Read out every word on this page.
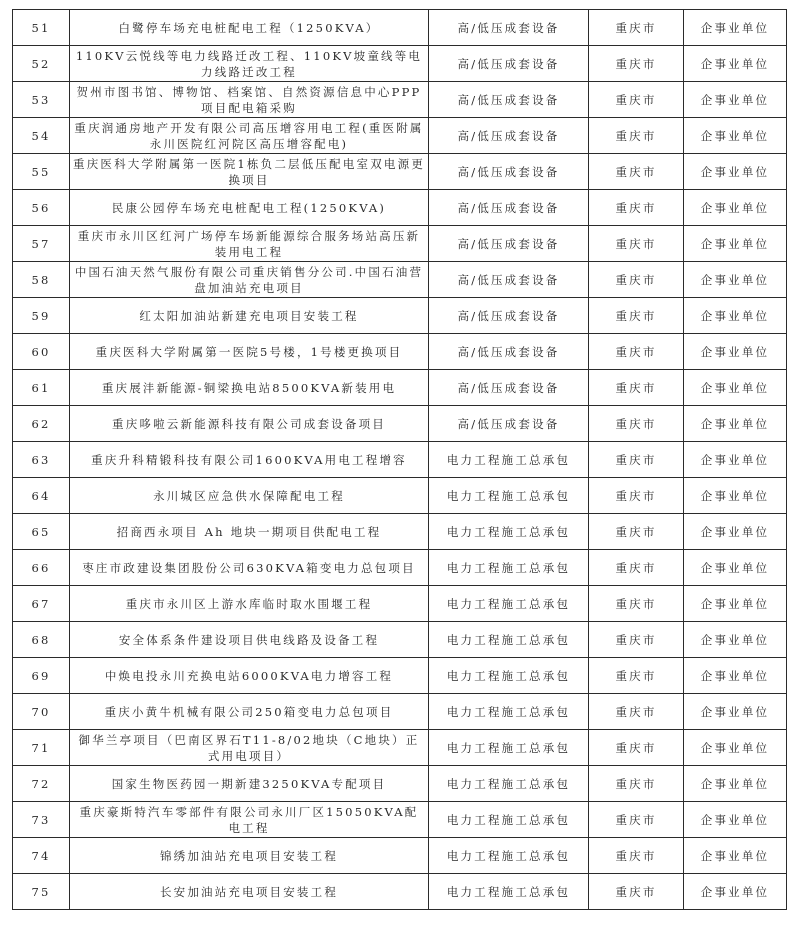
51	白鹭停车场充电桩配电工程（1250KVA）	高/低压成套设备	重庆市	企事业单位
52	110KV云悦线等电力线路迁改工程、110KV坡童线等电力线路迁改工程	高/低压成套设备	重庆市	企事业单位
53	贺州市图书馆、博物馆、档案馆、自然资源信息中心PPP项目配电箱采购	高/低压成套设备	重庆市	企事业单位
54	重庆润通房地产开发有限公司高压增容用电工程(重医附属永川医院红河院区高压增容配电)	高/低压成套设备	重庆市	企事业单位
55	重庆医科大学附属第一医院1栋负二层低压配电室双电源更换项目	高/低压成套设备	重庆市	企事业单位
56	民康公园停车场充电桩配电工程(1250KVA)	高/低压成套设备	重庆市	企事业单位
57	重庆市永川区红河广场停车场新能源综合服务场站高压新装用电工程	高/低压成套设备	重庆市	企事业单位
58	中国石油天然气服份有限公司重庆销售分公司.中国石油营盘加油站充电项目	高/低压成套设备	重庆市	企事业单位
59	红太阳加油站新建充电项目安装工程	高/低压成套设备	重庆市	企事业单位
60	重庆医科大学附属第一医院5号楼，1号楼更换项目	高/低压成套设备	重庆市	企事业单位
61	重庆展沣新能源-铜梁换电站8500KVA新装用电	高/低压成套设备	重庆市	企事业单位
62	重庆哆啦云新能源科技有限公司成套设备项目	高/低压成套设备	重庆市	企事业单位
63	重庆升科精锻科技有限公司1600KVA用电工程增容	电力工程施工总承包	重庆市	企事业单位
64	永川城区应急供水保障配电工程	电力工程施工总承包	重庆市	企事业单位
65	招商西永项目 Ah 地块一期项目供配电工程	电力工程施工总承包	重庆市	企事业单位
66	枣庄市政建设集团股份公司630KVA箱变电力总包项目	电力工程施工总承包	重庆市	企事业单位
67	重庆市永川区上游水库临时取水围堰工程	电力工程施工总承包	重庆市	企事业单位
68	安全体系条件建设项目供电线路及设备工程	电力工程施工总承包	重庆市	企事业单位
69	中焕电投永川充换电站6000KVA电力增容工程	电力工程施工总承包	重庆市	企事业单位
70	重庆小黄牛机械有限公司250箱变电力总包项目	电力工程施工总承包	重庆市	企事业单位
71	御华兰亭项目（巴南区界石T11-8/02地块（C地块）正式用电项目）	电力工程施工总承包	重庆市	企事业单位
72	国家生物医药园一期新建3250KVA专配项目	电力工程施工总承包	重庆市	企事业单位
73	重庆豪斯特汽车零部件有限公司永川厂区15050KVA配电工程	电力工程施工总承包	重庆市	企事业单位
74	锦绣加油站充电项目安装工程	电力工程施工总承包	重庆市	企事业单位
75	长安加油站充电项目安装工程	电力工程施工总承包	重庆市	企事业单位
